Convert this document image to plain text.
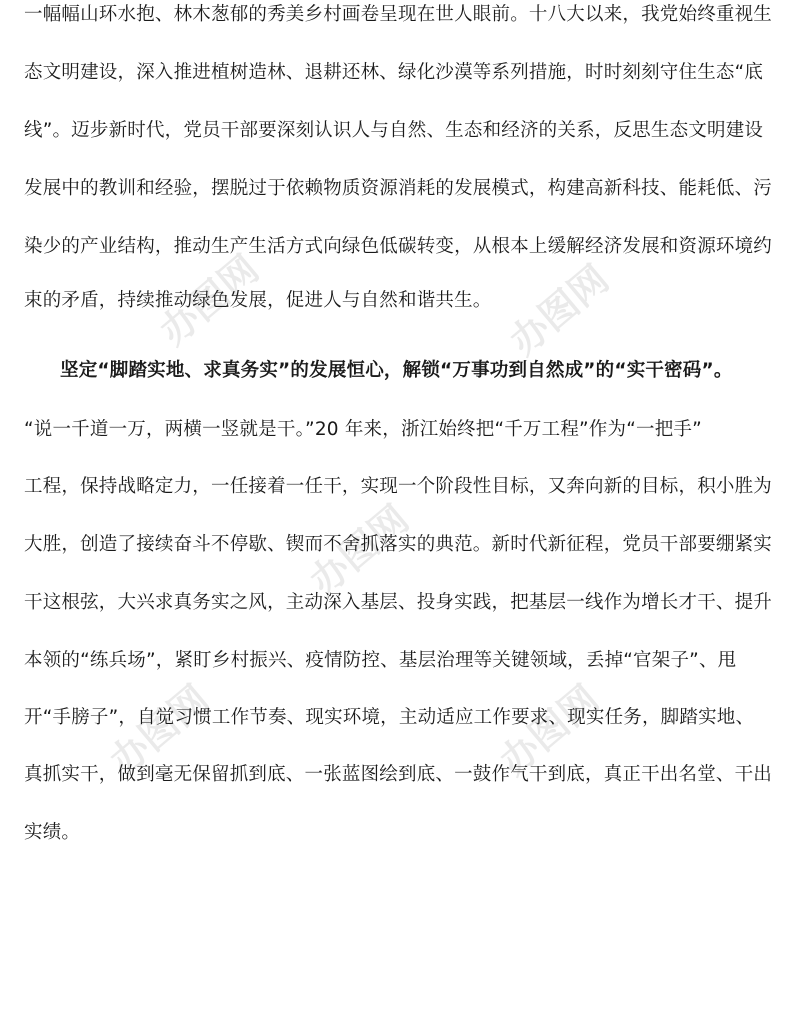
办图网	办图网
办图网
办图网	办图网
一幅幅山环水抱、林木葱郁的秀美乡村画卷呈现在世人眼前。十八大以来，我党始终重视生
态文明建设，深入推进植树造林、退耕还林、绿化沙漠等系列措施，时时刻刻守住生态“底
线”。迈步新时代，党员干部要深刻认识人与自然、生态和经济的关系，反思生态文明建设
发展中的教训和经验，摆脱过于依赖物质资源消耗的发展模式，构建高新科技、能耗低、污
染少的产业结构，推动生产生活方式向绿色低碳转变，从根本上缓解经济发展和资源环境约
束的矛盾，持续推动绿色发展，促进人与自然和谐共生。
坚定“脚踏实地、求真务实”的发展恒心，解锁“万事功到自然成”的“实干密码”。
“说一千道一万，两横一竖就是干。”20 年来，浙江始终把“千万工程”作为“一把手”
工程，保持战略定力，一任接着一任干，实现一个阶段性目标，又奔向新的目标，积小胜为
大胜，创造了接续奋斗不停歇、锲而不舍抓落实的典范。新时代新征程，党员干部要绷紧实
干这根弦，大兴求真务实之风，主动深入基层、投身实践，把基层一线作为增长才干、提升
本领的“练兵场”，紧盯乡村振兴、疫情防控、基层治理等关键领域，丢掉“官架子”、甩
开“手膀子”，自觉习惯工作节奏、现实环境，主动适应工作要求、现实任务，脚踏实地、
真抓实干，做到毫无保留抓到底、一张蓝图绘到底、一鼓作气干到底，真正干出名堂、干出
实绩。
